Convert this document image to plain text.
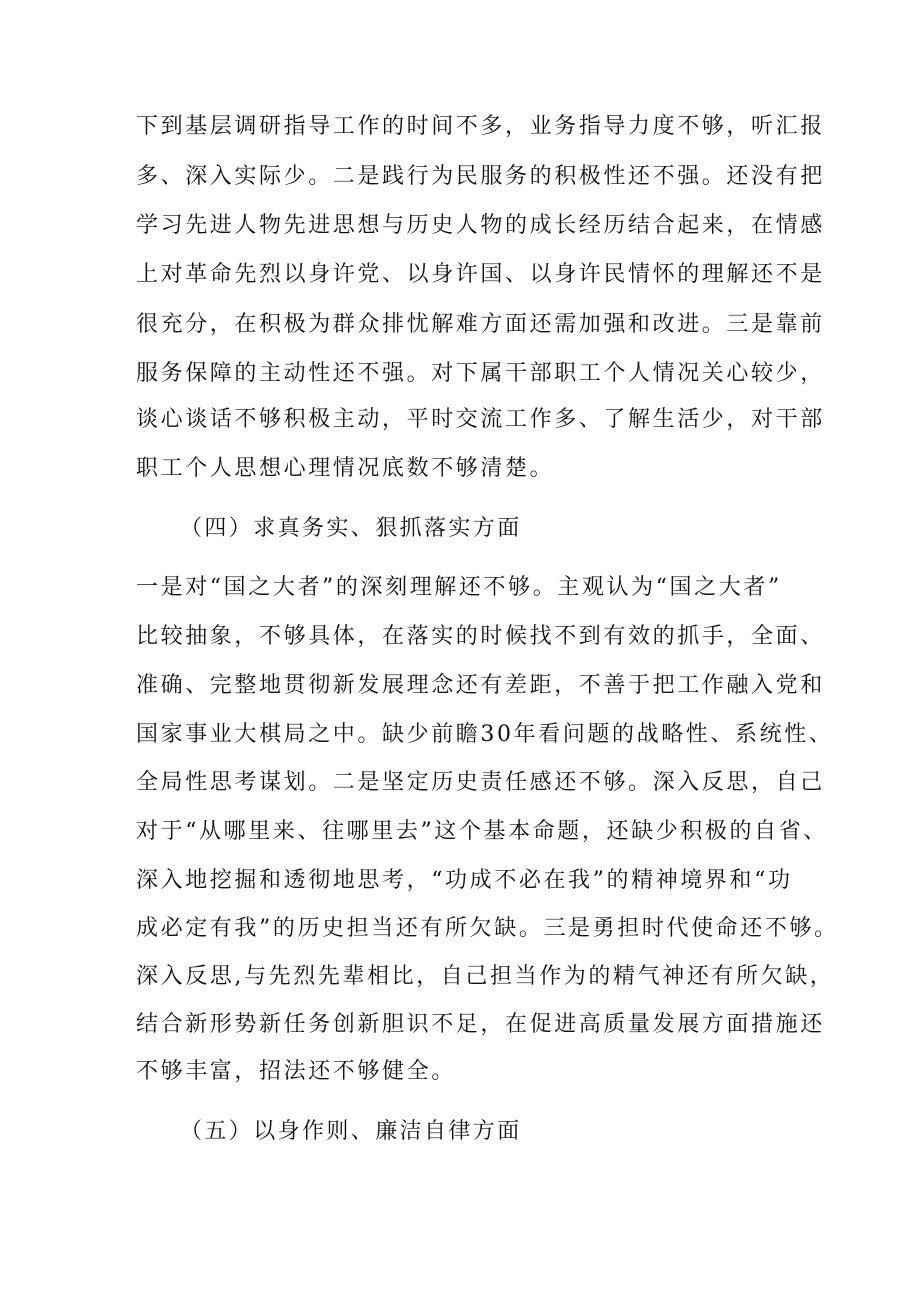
下到基层调研指导工作的时间不多，业务指导力度不够，听汇报
多、深入实际少。二是践行为民服务的积极性还不强。还没有把
学习先进人物先进思想与历史人物的成长经历结合起来，在情感
上对革命先烈以身许党、以身许国、以身许民情怀的理解还不是
很充分，在积极为群众排忧解难方面还需加强和改进。三是靠前
服务保障的主动性还不强。对下属干部职工个人情况关心较少，
谈心谈话不够积极主动，平时交流工作多、了解生活少，对干部
职工个人思想心理情况底数不够清楚。
（四）求真务实、狠抓落实方面
一是对“国之大者”的深刻理解还不够。主观认为“国之大者”
比较抽象，不够具体，在落实的时候找不到有效的抓手，全面、
准确、完整地贯彻新发展理念还有差距，不善于把工作融入党和
国家事业大棋局之中。缺少前瞻30年看问题的战略性、系统性、
全局性思考谋划。二是坚定历史责任感还不够。深入反思，自己
对于“从哪里来、往哪里去”这个基本命题，还缺少积极的自省、
深入地挖掘和透彻地思考，“功成不必在我”的精神境界和“功
成必定有我”的历史担当还有所欠缺。三是勇担时代使命还不够。
深入反思,与先烈先辈相比，自己担当作为的精气神还有所欠缺，
结合新形势新任务创新胆识不足，在促进高质量发展方面措施还
不够丰富，招法还不够健全。
（五）以身作则、廉洁自律方面
